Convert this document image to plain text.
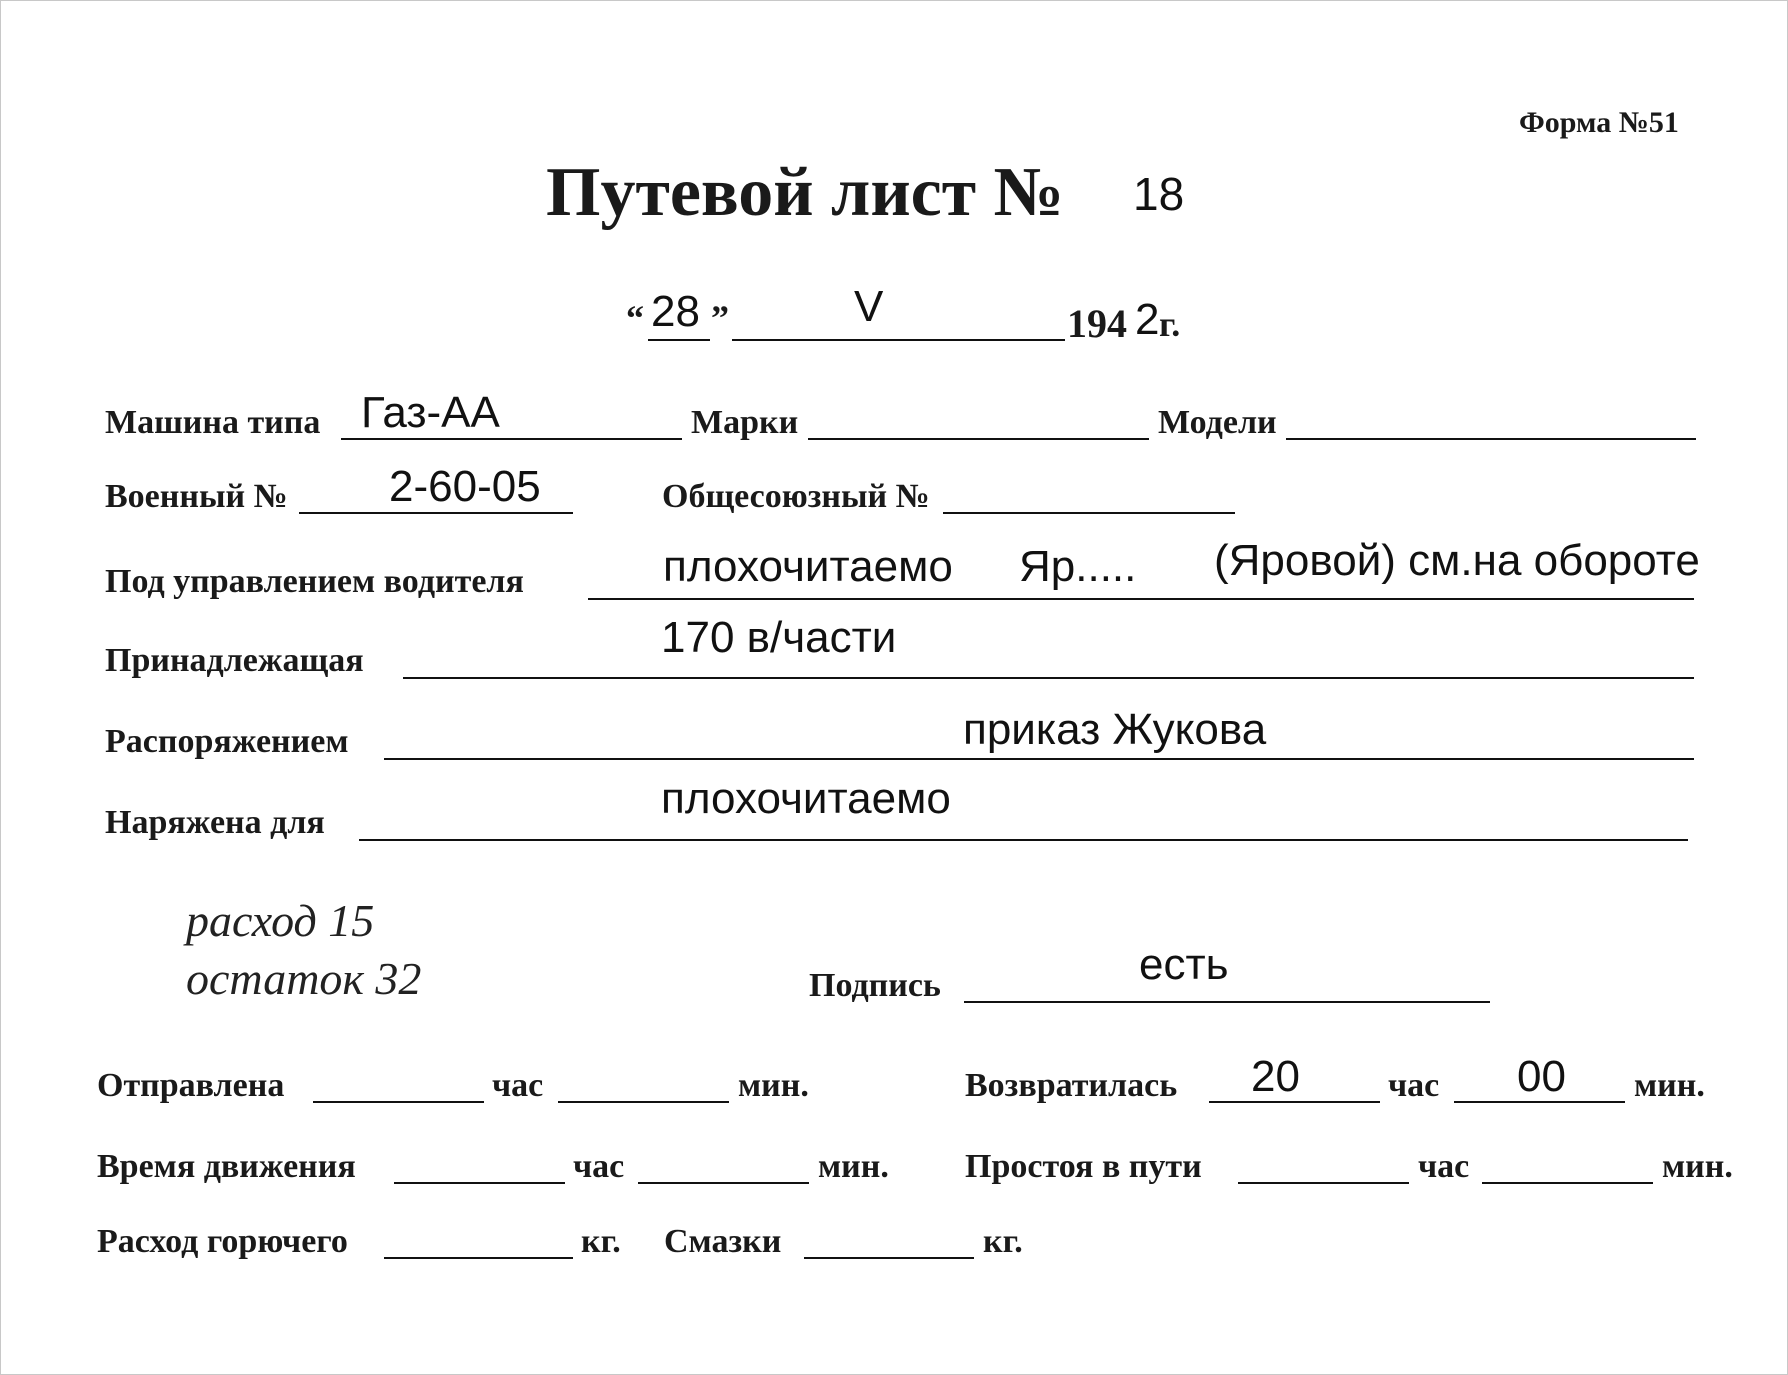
Форма №51
Путевой лист № 18
“ 28 ”	V	194 2 г.
Машина типа Газ-АА	Марки	Модели
Военный № 2-60-05	Общесоюзный №
Под управлением водителя	плохочитаемо Яр..... (Яровой) см.на обороте
Принадлежащая	170 в/части
Распоряжением	приказ Жукова
Наряжена для	плохочитаемо
расход 15
остаток 32	Подпись	есть
Отправлена	час	мин.	Возвратилась 20	час 00 мин.
Время движения	час	мин. Простоя в пути	час	мин.
Расход горючего	кг. Смазки	кг.
